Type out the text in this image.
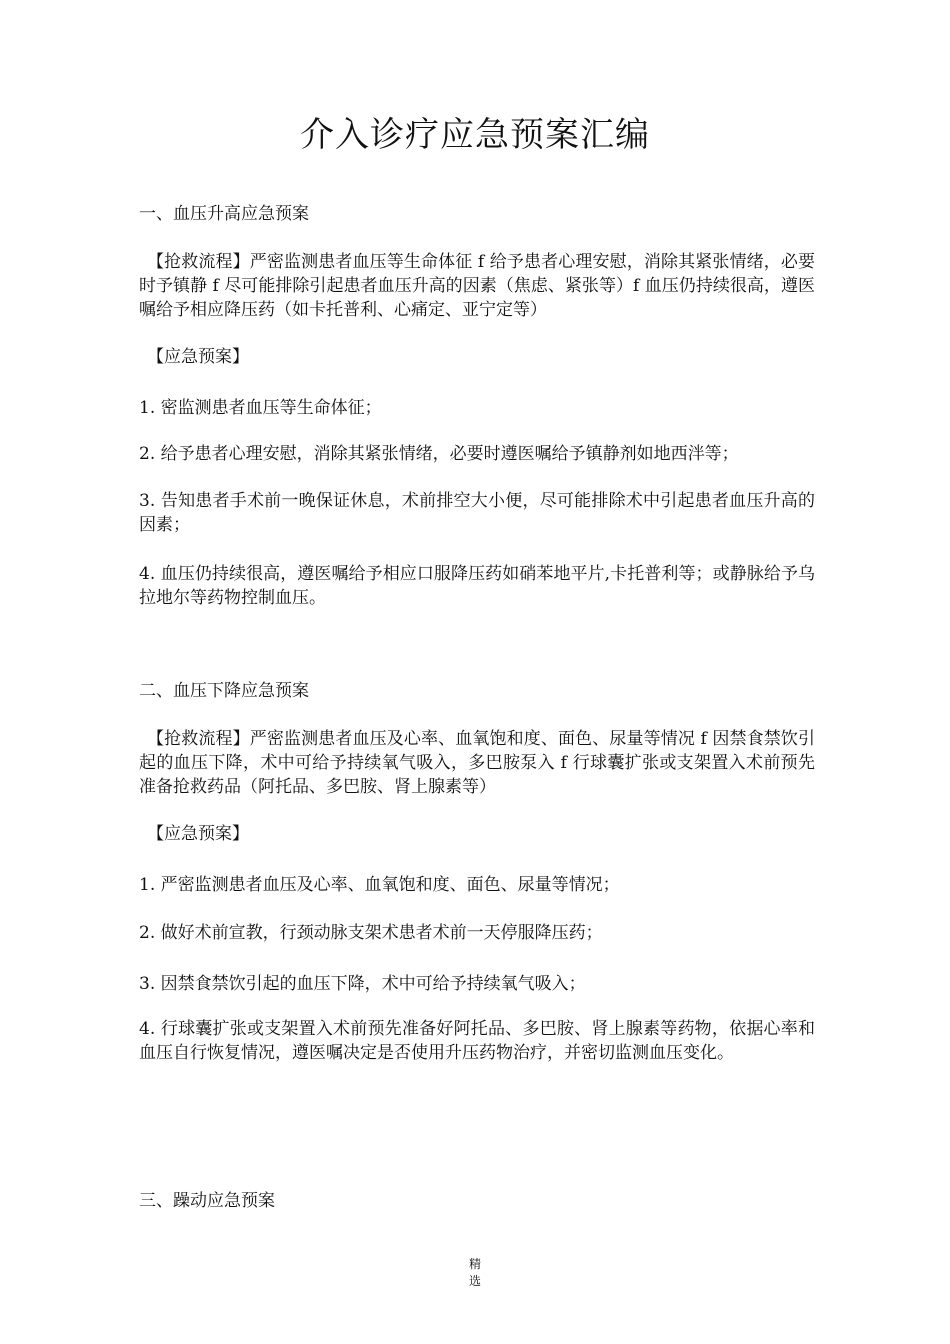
介入诊疗应急预案汇编
一、血压升高应急预案
【抢救流程】严密监测患者血压等生命体征 f 给予患者心理安慰，消除其紧张情绪，必要时予镇静 f 尽可能排除引起患者血压升高的因素（焦虑、紧张等）f 血压仍持续很高，遵医嘱给予相应降压药（如卡托普利、心痛定、亚宁定等）
【应急预案】
1. 密监测患者血压等生命体征；
2. 给予患者心理安慰，消除其紧张情绪，必要时遵医嘱给予镇静剂如地西泮等；
3. 告知患者手术前一晚保证休息，术前排空大小便，尽可能排除术中引起患者血压升高的因素；
4. 血压仍持续很高，遵医嘱给予相应口服降压药如硝苯地平片,卡托普利等；或静脉给予乌拉地尔等药物控制血压。
二、血压下降应急预案
【抢救流程】严密监测患者血压及心率、血氧饱和度、面色、尿量等情况 f 因禁食禁饮引起的血压下降，术中可给予持续氧气吸入，多巴胺泵入 f 行球囊扩张或支架置入术前预先准备抢救药品（阿托品、多巴胺、肾上腺素等）
【应急预案】
1. 严密监测患者血压及心率、血氧饱和度、面色、尿量等情况；
2. 做好术前宣教，行颈动脉支架术患者术前一天停服降压药；
3. 因禁食禁饮引起的血压下降，术中可给予持续氧气吸入；
4. 行球囊扩张或支架置入术前预先准备好阿托品、多巴胺、肾上腺素等药物，依据心率和血压自行恢复情况，遵医嘱决定是否使用升压药物治疗，并密切监测血压变化。
三、躁动应急预案
精
选
